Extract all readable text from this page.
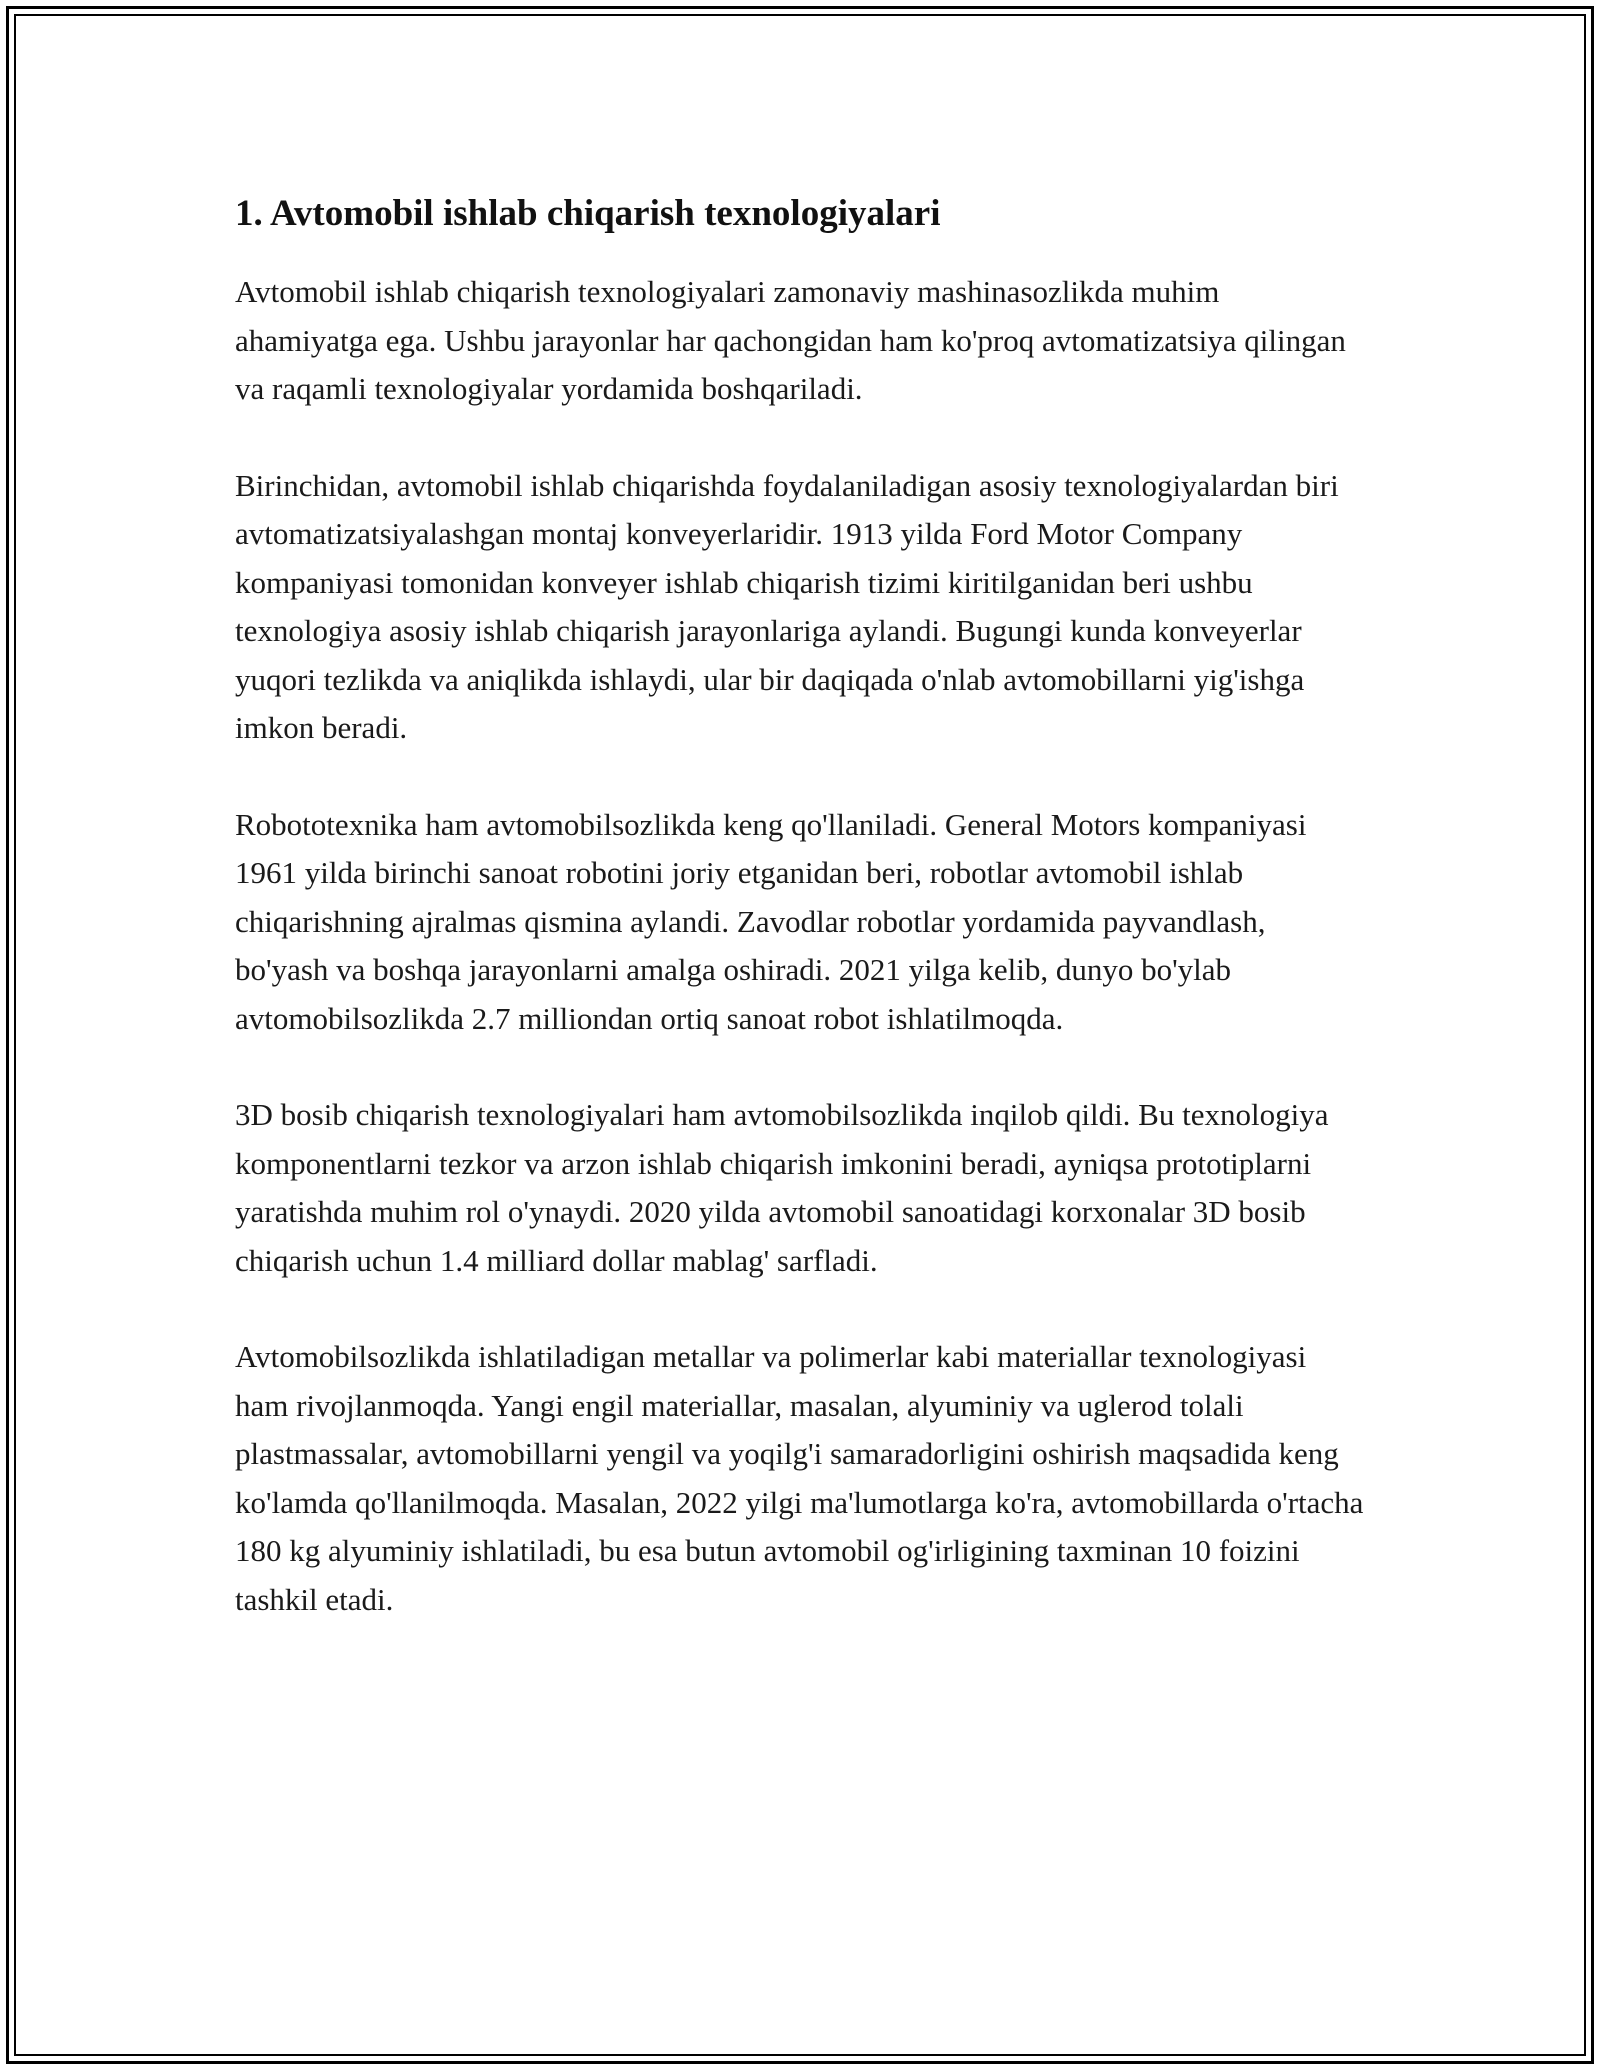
1. Avtomobil ishlab chiqarish texnologiyalari

Avtomobil ishlab chiqarish texnologiyalari zamonaviy mashinasozlikda muhim ahamiyatga ega. Ushbu jarayonlar har qachongidan ham ko'proq avtomatizatsiya qilingan va raqamli texnologiyalar yordamida boshqariladi.

Birinchidan, avtomobil ishlab chiqarishda foydalaniladigan asosiy texnologiyalardan biri avtomatizatsiyalashgan montaj konveyerlaridir. 1913 yilda Ford Motor Company kompaniyasi tomonidan konveyer ishlab chiqarish tizimi kiritilganidan beri ushbu texnologiya asosiy ishlab chiqarish jarayonlariga aylandi. Bugungi kunda konveyerlar yuqori tezlikda va aniqlikda ishlaydi, ular bir daqiqada o'nlab avtomobillarni yig'ishga imkon beradi.

Robototexnika ham avtomobilsozlikda keng qo'llaniladi. General Motors kompaniyasi 1961 yilda birinchi sanoat robotini joriy etganidan beri, robotlar avtomobil ishlab chiqarishning ajralmas qismina aylandi. Zavodlar robotlar yordamida payvandlash, bo'yash va boshqa jarayonlarni amalga oshiradi. 2021 yilga kelib, dunyo bo'ylab avtomobilsozlikda 2.7 milliondan ortiq sanoat robot ishlatilmoqda.

3D bosib chiqarish texnologiyalari ham avtomobilsozlikda inqilob qildi. Bu texnologiya komponentlarni tezkor va arzon ishlab chiqarish imkonini beradi, ayniqsa prototiplarni yaratishda muhim rol o'ynaydi. 2020 yilda avtomobil sanoatidagi korxonalar 3D bosib chiqarish uchun 1.4 milliard dollar mablag' sarfladi.

Avtomobilsozlikda ishlatiladigan metallar va polimerlar kabi materiallar texnologiyasi ham rivojlanmoqda. Yangi engil materiallar, masalan, alyuminiy va uglerod tolali plastmassalar, avtomobillarni yengil va yoqilg'i samaradorligini oshirish maqsadida keng ko'lamda qo'llanilmoqda. Masalan, 2022 yilgi ma'lumotlarga ko'ra, avtomobillarda o'rtacha 180 kg alyuminiy ishlatiladi, bu esa butun avtomobil og'irligining taxminan 10 foizini tashkil etadi.
